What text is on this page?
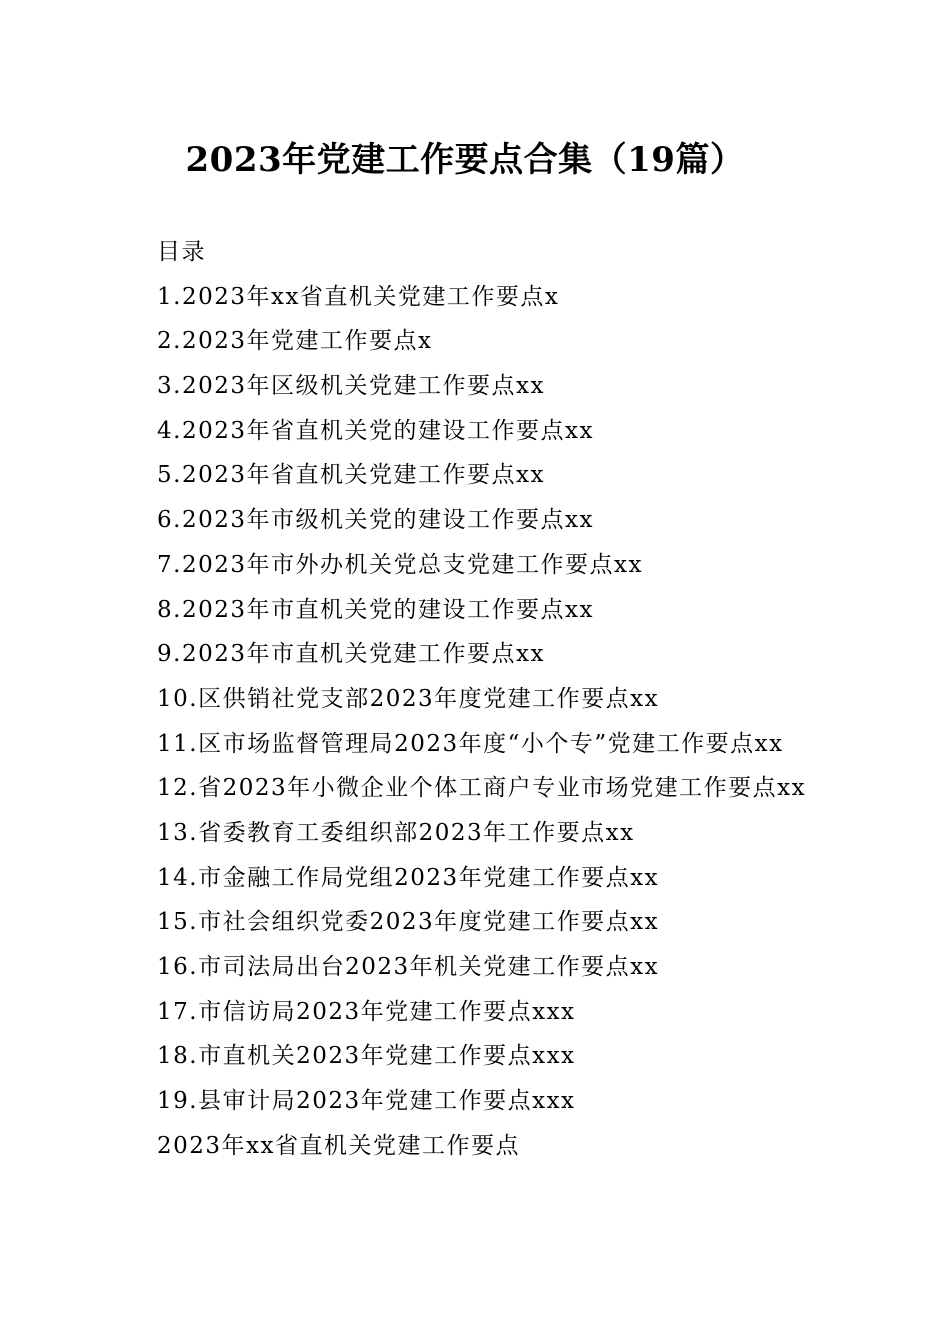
2023年党建工作要点合集（19篇）
目录
1.2023年xx省直机关党建工作要点x
2.2023年党建工作要点x
3.2023年区级机关党建工作要点xx
4.2023年省直机关党的建设工作要点xx
5.2023年省直机关党建工作要点xx
6.2023年市级机关党的建设工作要点xx
7.2023年市外办机关党总支党建工作要点xx
8.2023年市直机关党的建设工作要点xx
9.2023年市直机关党建工作要点xx
10.区供销社党支部2023年度党建工作要点xx
11.区市场监督管理局2023年度“小个专”党建工作要点xx
12.省2023年小微企业个体工商户专业市场党建工作要点xx
13.省委教育工委组织部2023年工作要点xx
14.市金融工作局党组2023年党建工作要点xx
15.市社会组织党委2023年度党建工作要点xx
16.市司法局出台2023年机关党建工作要点xx
17.市信访局2023年党建工作要点xxx
18.市直机关2023年党建工作要点xxx
19.县审计局2023年党建工作要点xxx
2023年xx省直机关党建工作要点
